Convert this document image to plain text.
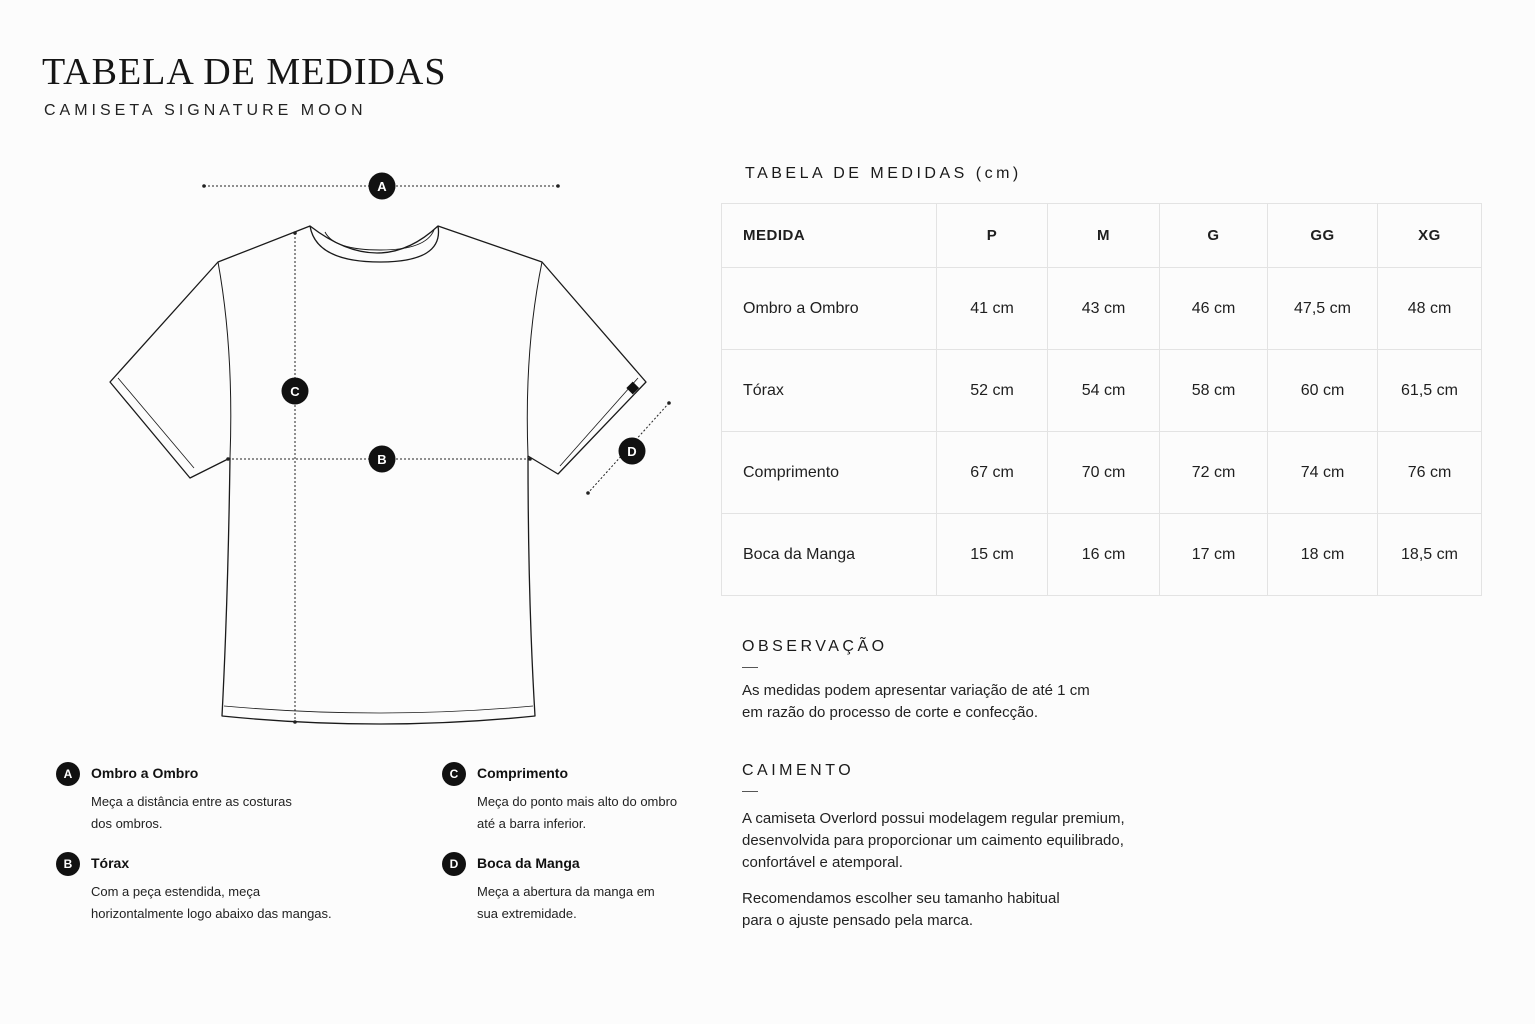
TABELA DE MEDIDAS
CAMISETA SIGNATURE MOON
A
B
C
D
A	Ombro a Ombro
Meça a distância entre as costuras
dos ombros.
B	Tórax
Com a peça estendida, meça
horizontalmente logo abaixo das mangas.
C	Comprimento
Meça do ponto mais alto do ombro
até a barra inferior.
D	Boca da Manga
Meça a abertura da manga em
sua extremidade.
TABELA DE MEDIDAS (cm)
MEDIDA	P	M	G	GG	XG
Ombro a Ombro	41 cm	43 cm	46 cm	47,5 cm	48 cm
Tórax	52 cm	54 cm	58 cm	60 cm	61,5 cm
Comprimento	67 cm	70 cm	72 cm	74 cm	76 cm
Boca da Manga	15 cm	16 cm	17 cm	18 cm	18,5 cm
OBSERVAÇÃO
As medidas podem apresentar variação de até 1 cm
em razão do processo de corte e confecção.
CAIMENTO
A camiseta Overlord possui modelagem regular premium,
desenvolvida para proporcionar um caimento equilibrado,
confortável e atemporal.
Recomendamos escolher seu tamanho habitual
para o ajuste pensado pela marca.
